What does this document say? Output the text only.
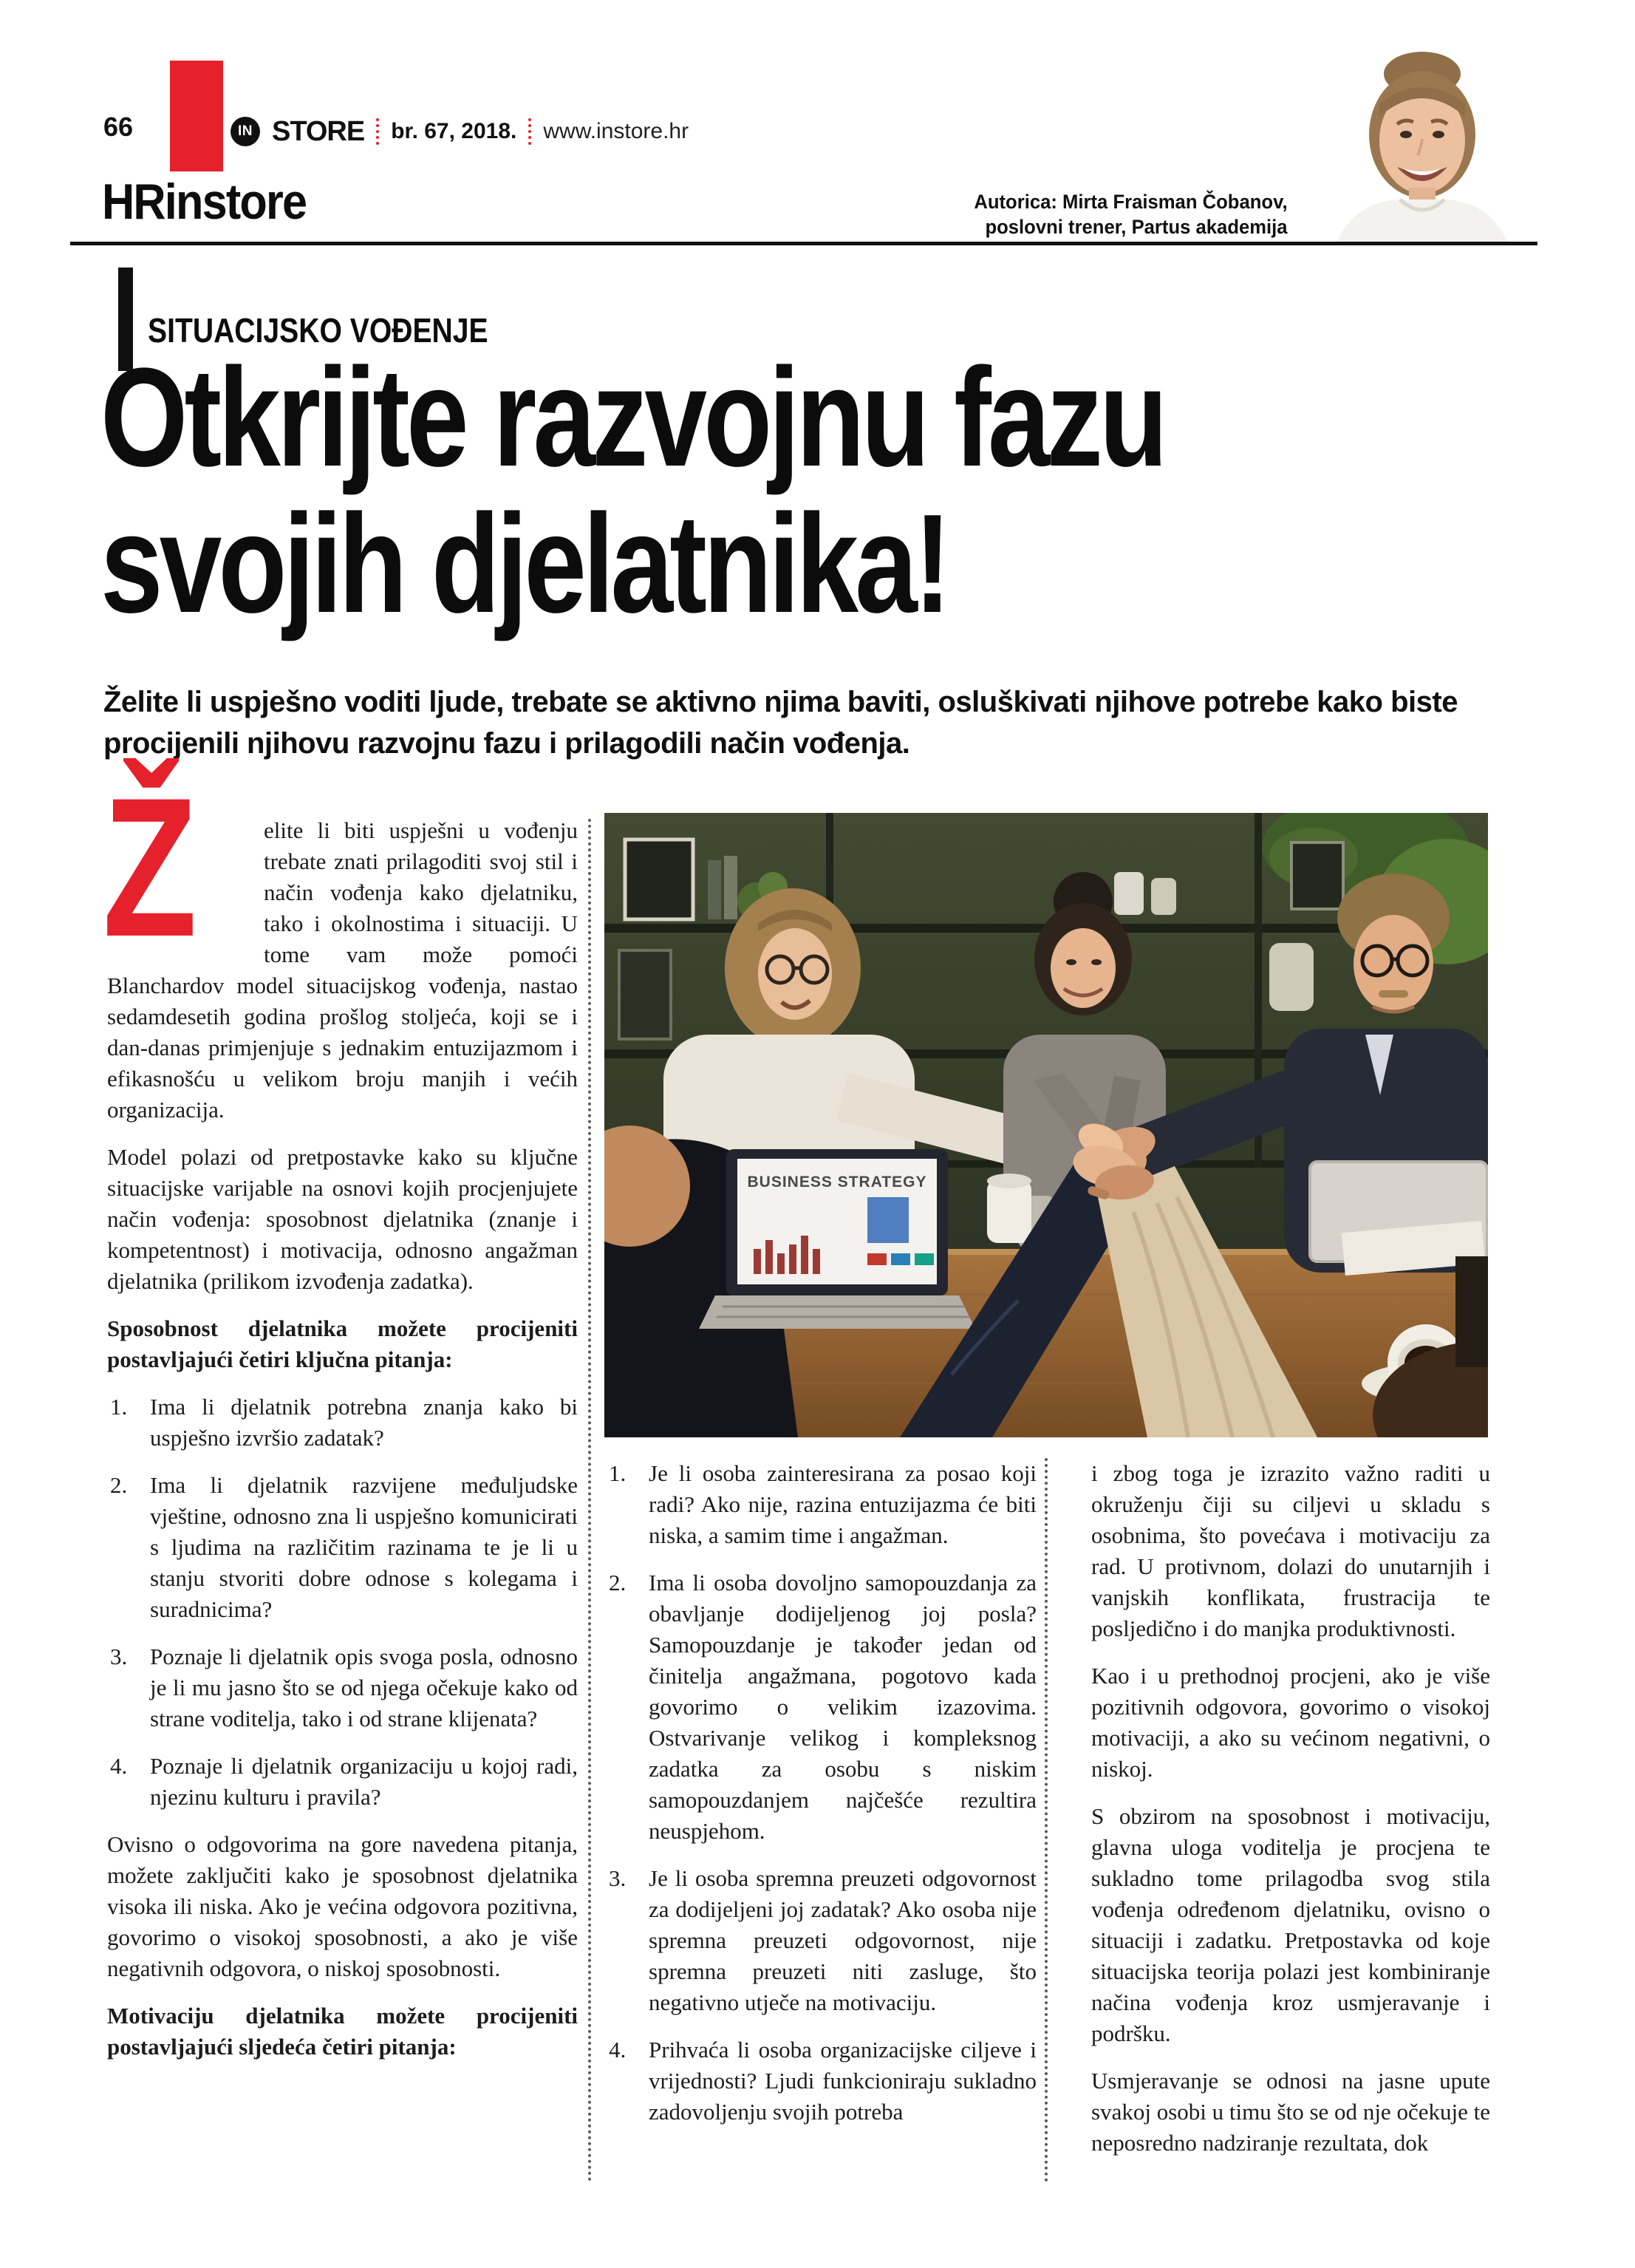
66	IN STORE br. 67, 2018. www.instore.hr
HRinstore	Autorica: Mirta Fraisman Čobanov,
poslovni trener, Partus akademija
SITUACIJSKO VOĐENJE
Otkrijte razvojnu fazu
svojih djelatnika!
Želite li uspješno voditi ljude, trebate se aktivno njima baviti, osluškivati njihove potrebe kako biste procijenili njihovu razvojnu fazu i prilagodili način vođenja.
BUSINESS STRATEGY

Ž	elite li biti uspješni u vođenju trebate znati prilagoditi svoj stil i način vođenja kako djelatniku, tako i okolnostima i situaciji. U tome vam može pomoći Blanchardov model situacijskog vođenja, nastao sedamdesetih godina prošlog stoljeća, koji se i dan-danas primjenjuje s jednakim entuzijazmom i efikasnošću u velikom broju manjih i većih organizacija.

Model polazi od pretpostavke kako su ključne situacijske varijable na osnovi kojih procjenjujete način vođenja: sposobnost djelatnika (znanje i kompetentnost) i motivacija, odnosno angažman djelatnika (prilikom izvođenja zadatka).

Sposobnost djelatnika možete procijeniti postavljajući četiri ključna pitanja:

1. Ima li djelatnik potrebna znanja kako bi uspješno izvršio zadatak?
2. Ima li djelatnik razvijene međuljudske vještine, odnosno zna li uspješno komunicirati s ljudima na različitim razinama te je li u stanju stvoriti dobre odnose s kolegama i suradnicima?
3. Poznaje li djelatnik opis svoga posla, odnosno je li mu jasno što se od njega očekuje kako od strane voditelja, tako i od strane klijenata?
4. Poznaje li djelatnik organizaciju u kojoj radi, njezinu kulturu i pravila?

Ovisno o odgovorima na gore navedena pitanja, možete zaključiti kako je sposobnost djelatnika visoka ili niska. Ako je većina odgovora pozitivna, govorimo o visokoj sposobnosti, a ako je više negativnih odgovora, o niskoj sposobnosti.

Motivaciju djelatnika možete procijeniti postavljajući sljedeća četiri pitanja:

1. Je li osoba zainteresirana za posao koji radi? Ako nije, razina entuzijazma će biti niska, a samim time i angažman.
2. Ima li osoba dovoljno samopouzdanja za obavljanje dodijeljenog joj posla? Samopouzdanje je također jedan od činitelja angažmana, pogotovo kada govorimo o velikim izazovima. Ostvarivanje velikog i kompleksnog zadatka za osobu s niskim samopouzdanjem najčešće rezultira neuspjehom.
3. Je li osoba spremna preuzeti odgovornost za dodijeljeni joj zadatak? Ako osoba nije spremna preuzeti odgovornost, nije spremna preuzeti niti zasluge, što negativno utječe na motivaciju.
4. Prihvaća li osoba organizacijske ciljeve i vrijednosti? Ljudi funkcioniraju sukladno zadovoljenju svojih potreba

i zbog toga je izrazito važno raditi u okruženju čiji su ciljevi u skladu s osobnima, što povećava i motivaciju za rad. U protivnom, dolazi do unutarnjih i vanjskih konflikata, frustracija te posljedično i do manjka produktivnosti.

Kao i u prethodnoj procjeni, ako je više pozitivnih odgovora, govorimo o visokoj motivaciji, a ako su većinom negativni, o niskoj.

S obzirom na sposobnost i motivaciju, glavna uloga voditelja je procjena te sukladno tome prilagodba svog stila vođenja određenom djelatniku, ovisno o situaciji i zadatku. Pretpostavka od koje situacijska teorija polazi jest kombiniranje načina vođenja kroz usmjeravanje i podršku.

Usmjeravanje se odnosi na jasne upute svakoj osobi u timu što se od nje očekuje te neposredno nadziranje rezultata, dok
